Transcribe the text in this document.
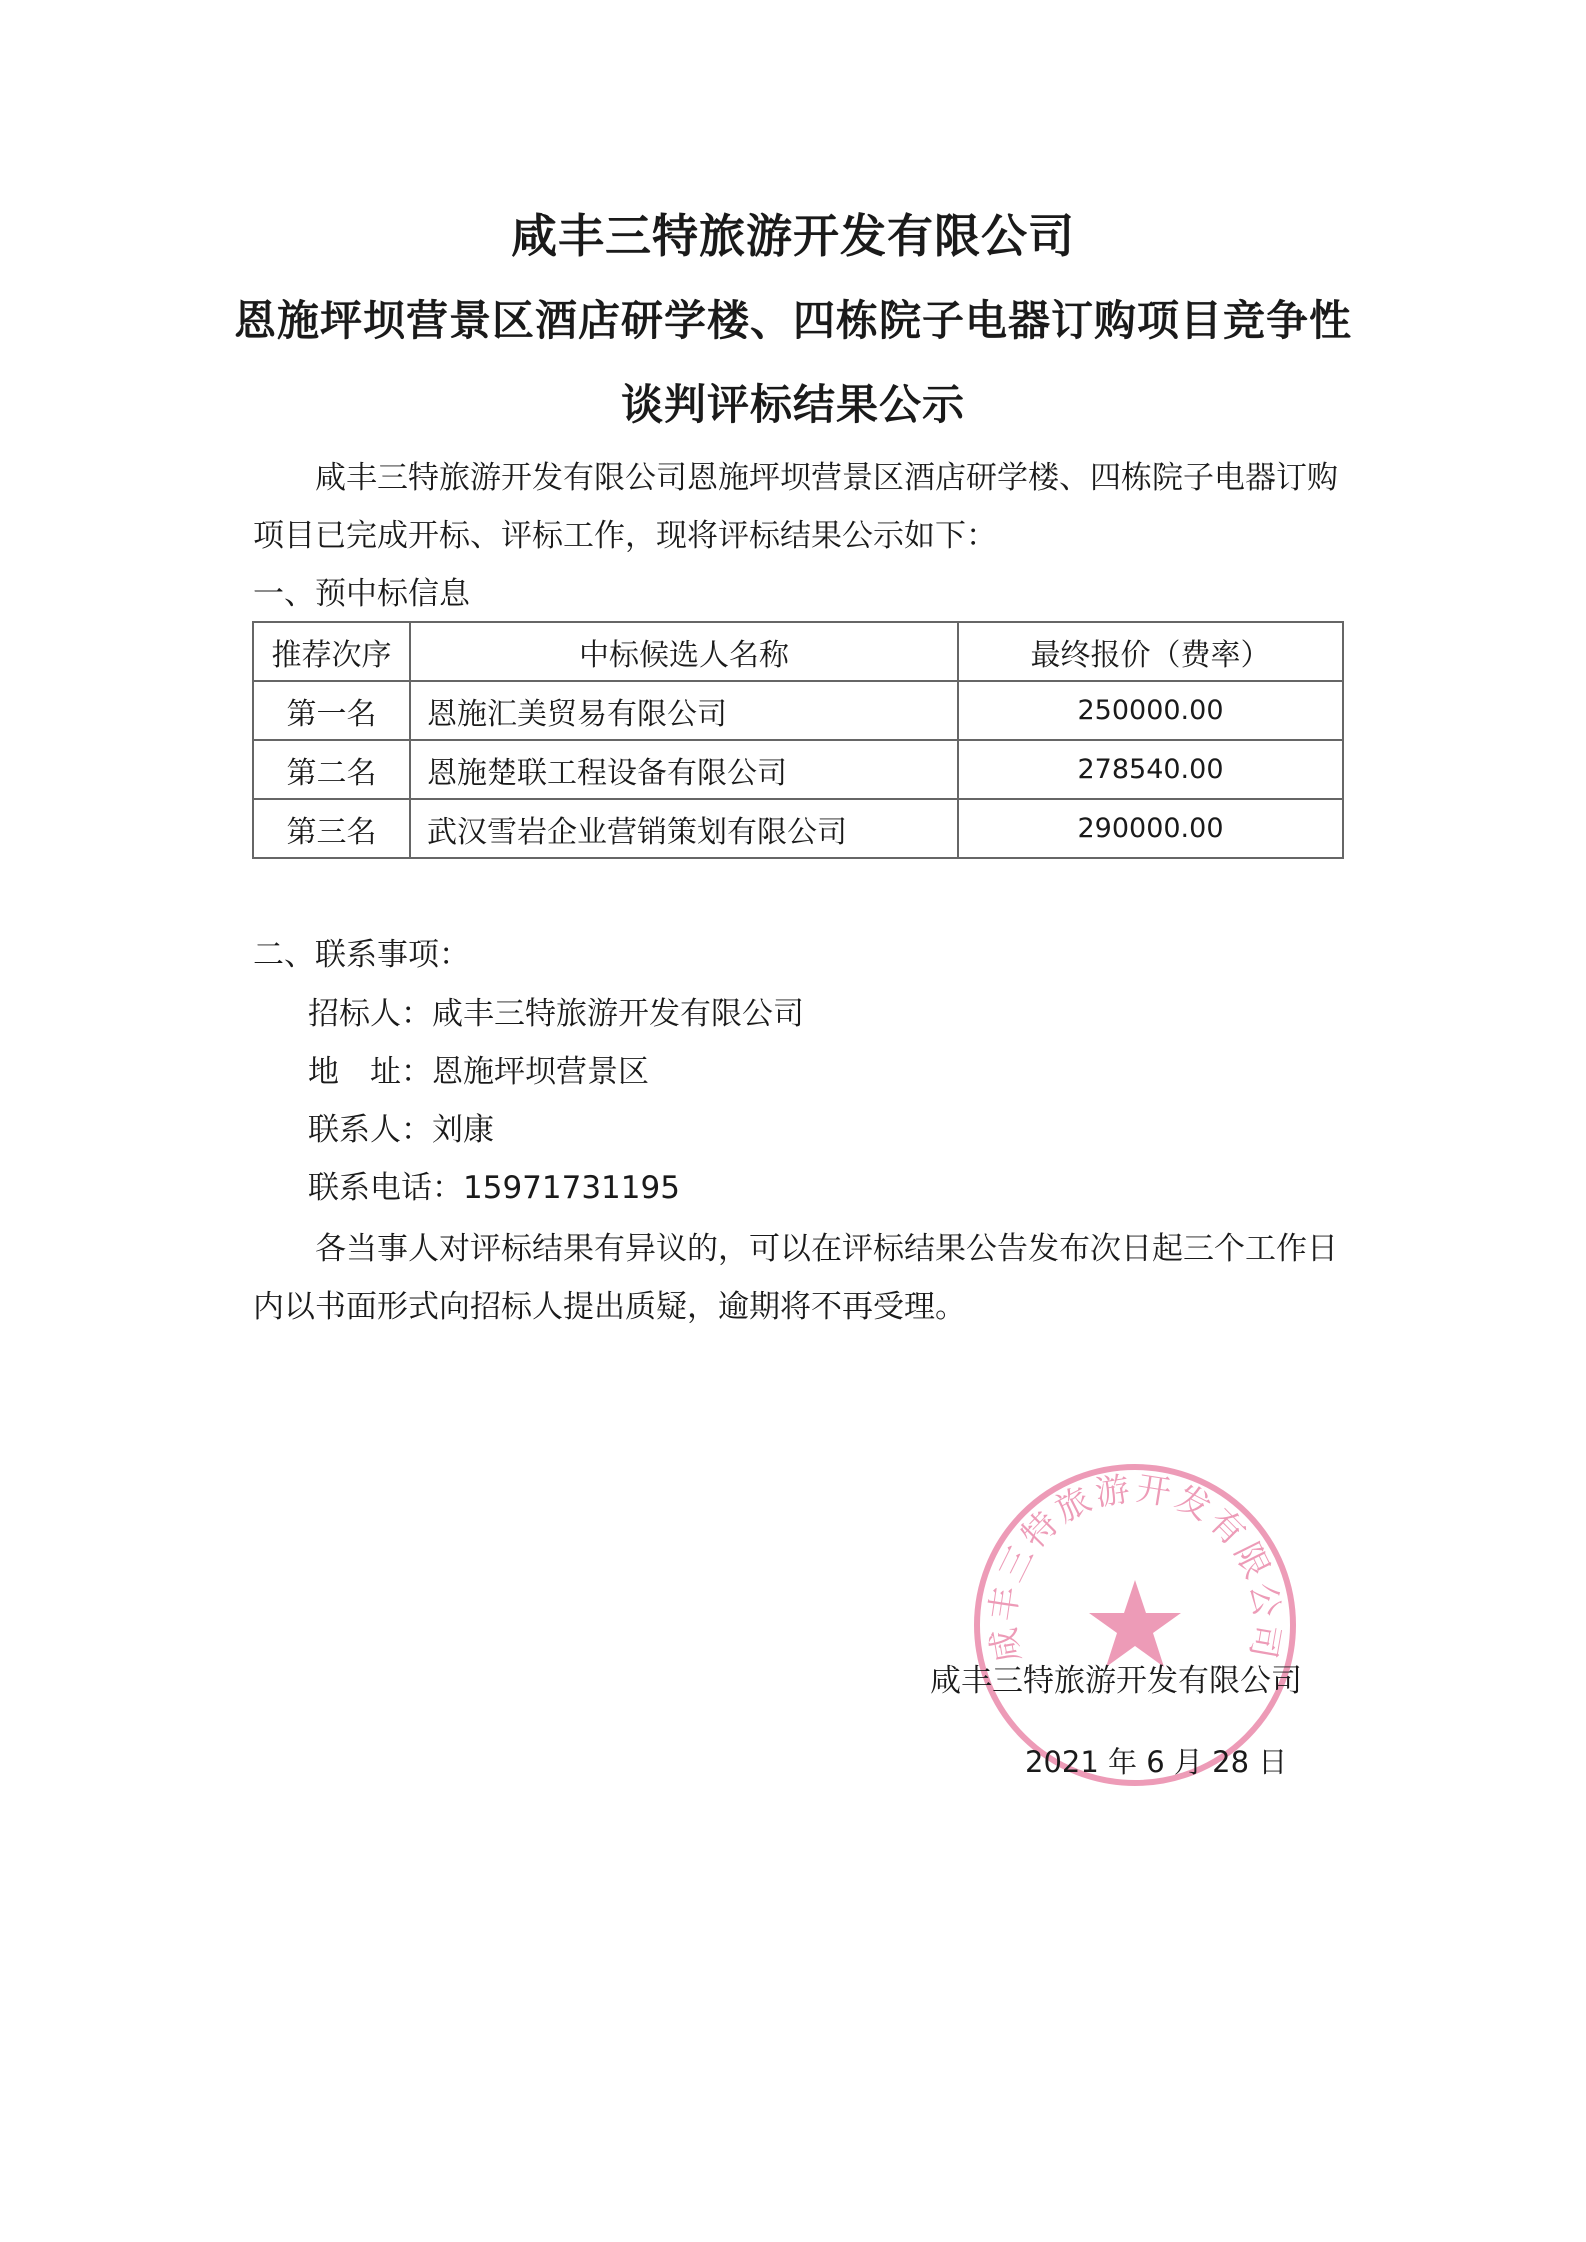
咸丰三特旅游开发有限公司
恩施坪坝营景区酒店研学楼、四栋院子电器订购项目竞争性
谈判评标结果公示

咸丰三特旅游开发有限公司恩施坪坝营景区酒店研学楼、四栋院子电器订购项目已完成开标、评标工作，现将评标结果公示如下：

一、预中标信息

推荐次序	中标候选人名称	最终报价（费率）
第一名	恩施汇美贸易有限公司	250000.00
第二名	恩施楚联工程设备有限公司	278540.00
第三名	武汉雪岩企业营销策划有限公司	290000.00

二、联系事项：

招标人：咸丰三特旅游开发有限公司

地　址：恩施坪坝营景区

联系人：刘康

联系电话：15971731195

各当事人对评标结果有异议的，可以在评标结果公告发布次日起三个工作日内以书面形式向招标人提出质疑，逾期将不再受理。

咸丰三特旅游开发有限公司

咸丰三特旅游开发有限公司

2021 年 6 月 28 日
